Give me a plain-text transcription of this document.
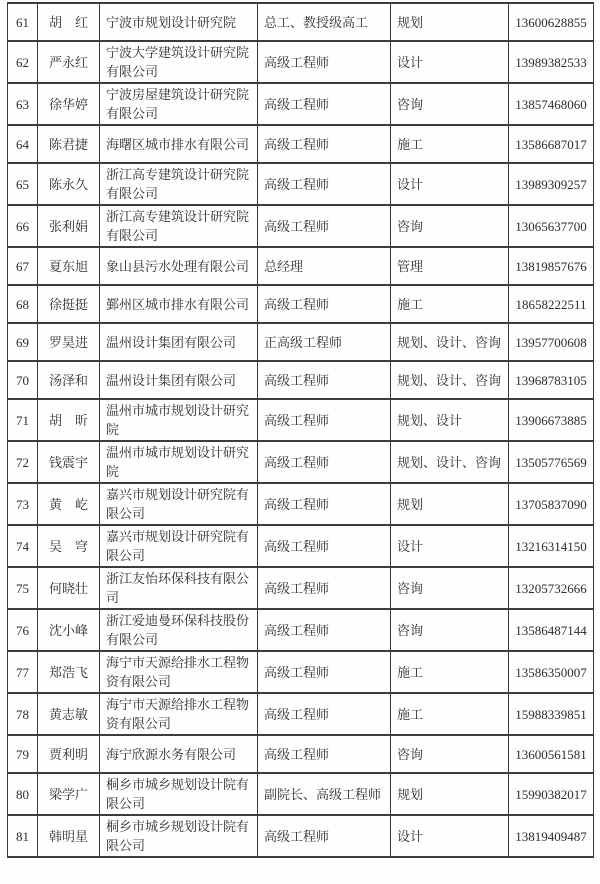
61	胡　红	宁波市规划设计研究院	总工、教授级高工	规划	13600628855
62	严永红	宁波大学建筑设计研究院有限公司	高级工程师	设计	13989382533
63	徐华婷	宁波房屋建筑设计研究院有限公司	高级工程师	咨询	13857468060
64	陈君捷	海曙区城市排水有限公司	高级工程师	施工	13586687017
65	陈永久	浙江高专建筑设计研究院有限公司	高级工程师	设计	13989309257
66	张利娟	浙江高专建筑设计研究院有限公司	高级工程师	咨询	13065637700
67	夏东旭	象山县污水处理有限公司	总经理	管理	13819857676
68	徐挺挺	鄞州区城市排水有限公司	高级工程师	施工	18658222511
69	罗昊进	温州设计集团有限公司	正高级工程师	规划、设计、咨询	13957700608
70	汤泽和	温州设计集团有限公司	高级工程师	规划、设计、咨询	13968783105
71	胡　昕	温州市城市规划设计研究院	高级工程师	规划、设计	13906673885
72	钱震宇	温州市城市规划设计研究院	高级工程师	规划、设计、咨询	13505776569
73	黄　屹	嘉兴市规划设计研究院有限公司	高级工程师	规划	13705837090
74	吴　穹	嘉兴市规划设计研究院有限公司	高级工程师	设计	13216314150
75	何晓壮	浙江友怡环保科技有限公司	高级工程师	咨询	13205732666
76	沈小峰	浙江爱迪曼环保科技股份有限公司	高级工程师	咨询	13586487144
77	郑浩飞	海宁市天源给排水工程物资有限公司	高级工程师	施工	13586350007
78	黄志敏	海宁市天源给排水工程物资有限公司	高级工程师	施工	15988339851
79	贾利明	海宁欣源水务有限公司	高级工程师	咨询	13600561581
80	梁学广	桐乡市城乡规划设计院有限公司	副院长、高级工程师	规划	15990382017
81	韩明星	桐乡市城乡规划设计院有限公司	高级工程师	设计	13819409487
